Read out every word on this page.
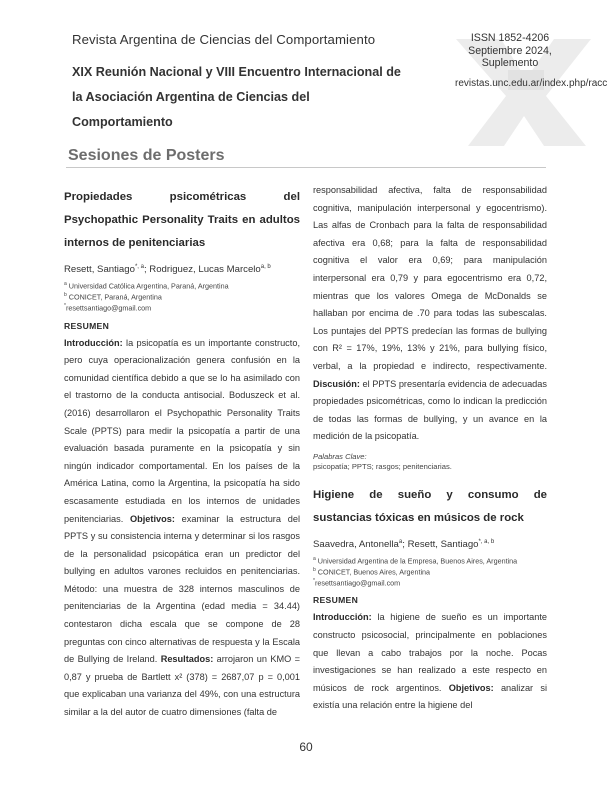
Revista Argentina de Ciencias del Comportamiento
XIX Reunión Nacional y VIII Encuentro Internacional de
la Asociación Argentina de Ciencias del
Comportamiento
ISSN 1852-4206
Septiembre 2024,
Suplemento
revistas.unc.edu.ar/index.php/racc
Sesiones de Posters
Propiedades psicométricas del Psychopathic Personality Traits en adultos internos de penitenciarias
Resett, Santiago$^{*, a}$; Rodriguez, Lucas Marcelo$^{a, b}$
$^a$ Universidad Católica Argentina, Paraná, Argentina
$^b$ CONICET, Paraná, Argentina
*resettsantiago@gmail.com
RESUMEN

Introducción: la psicopatía es un importante constructo, pero cuya operacionalización genera confusión en la comunidad científica debido a que se lo ha asimilado con el trastorno de la conducta antisocial. Boduszeck et al. (2016) desarrollaron el Psychopathic Personality Traits Scale (PPTS) para medir la psicopatía a partir de una evaluación basada puramente en la psicopatía y sin ningún indicador comportamental. En los países de la América Latina, como la Argentina, la psicopatía ha sido escasamente estudiada en los internos de unidades penitenciarias. Objetivos: examinar la estructura del PPTS y su consistencia interna y determinar si los rasgos de la personalidad psicopática eran un predictor del bullying en adultos varones recluidos en penitenciarias. Método: una muestra de 328 internos masculinos de penitenciarias de la Argentina (edad media = 34.44) contestaron dicha escala que se compone de 28 preguntas con cinco alternativas de respuesta y la Escala de Bullying de Ireland. Resultados: arrojaron un KMO = 0,87 y prueba de Bartlett x² (378) = 2687,07 p = 0,001 que explicaban una varianza del 49%, con una estructura similar a la del autor de cuatro dimensiones (falta de

responsabilidad afectiva, falta de responsabilidad cognitiva, manipulación interpersonal y egocentrismo). Las alfas de Cronbach para la falta de responsabilidad afectiva era 0,68; para la falta de responsabilidad cognitiva el valor era 0,69; para manipulación interpersonal era 0,79 y para egocentrismo era 0,72, mientras que los valores Omega de McDonalds se hallaban por encima de .70 para todas las subescalas. Los puntajes del PPTS predecían las formas de bullying con R² = 17%, 19%, 13% y 21%, para bullying físico, verbal, a la propiedad e indirecto, respectivamente. Discusión: el PPTS presentaría evidencia de adecuadas propiedades psicométricas, como lo indican la predicción de todas las formas de bullying, y un avance en la medición de la psicopatía.

Palabras Clave:
psicopatía; PPTS; rasgos; penitenciarias.
Higiene de sueño y consumo de sustancias tóxicas en músicos de rock
Saavedra, Antonella$^a$; Resett, Santiago$^{*, a, b}$
$^a$ Universidad Argentina de la Empresa, Buenos Aires, Argentina
$^b$ CONICET, Buenos Aires, Argentina
*resettsantiago@gmail.com
RESUMEN

Introducción: la higiene de sueño es un importante constructo psicosocial, principalmente en poblaciones que llevan a cabo trabajos por la noche. Pocas investigaciones se han realizado a este respecto en músicos de rock argentinos. Objetivos: analizar si existía una relación entre la higiene del

60
